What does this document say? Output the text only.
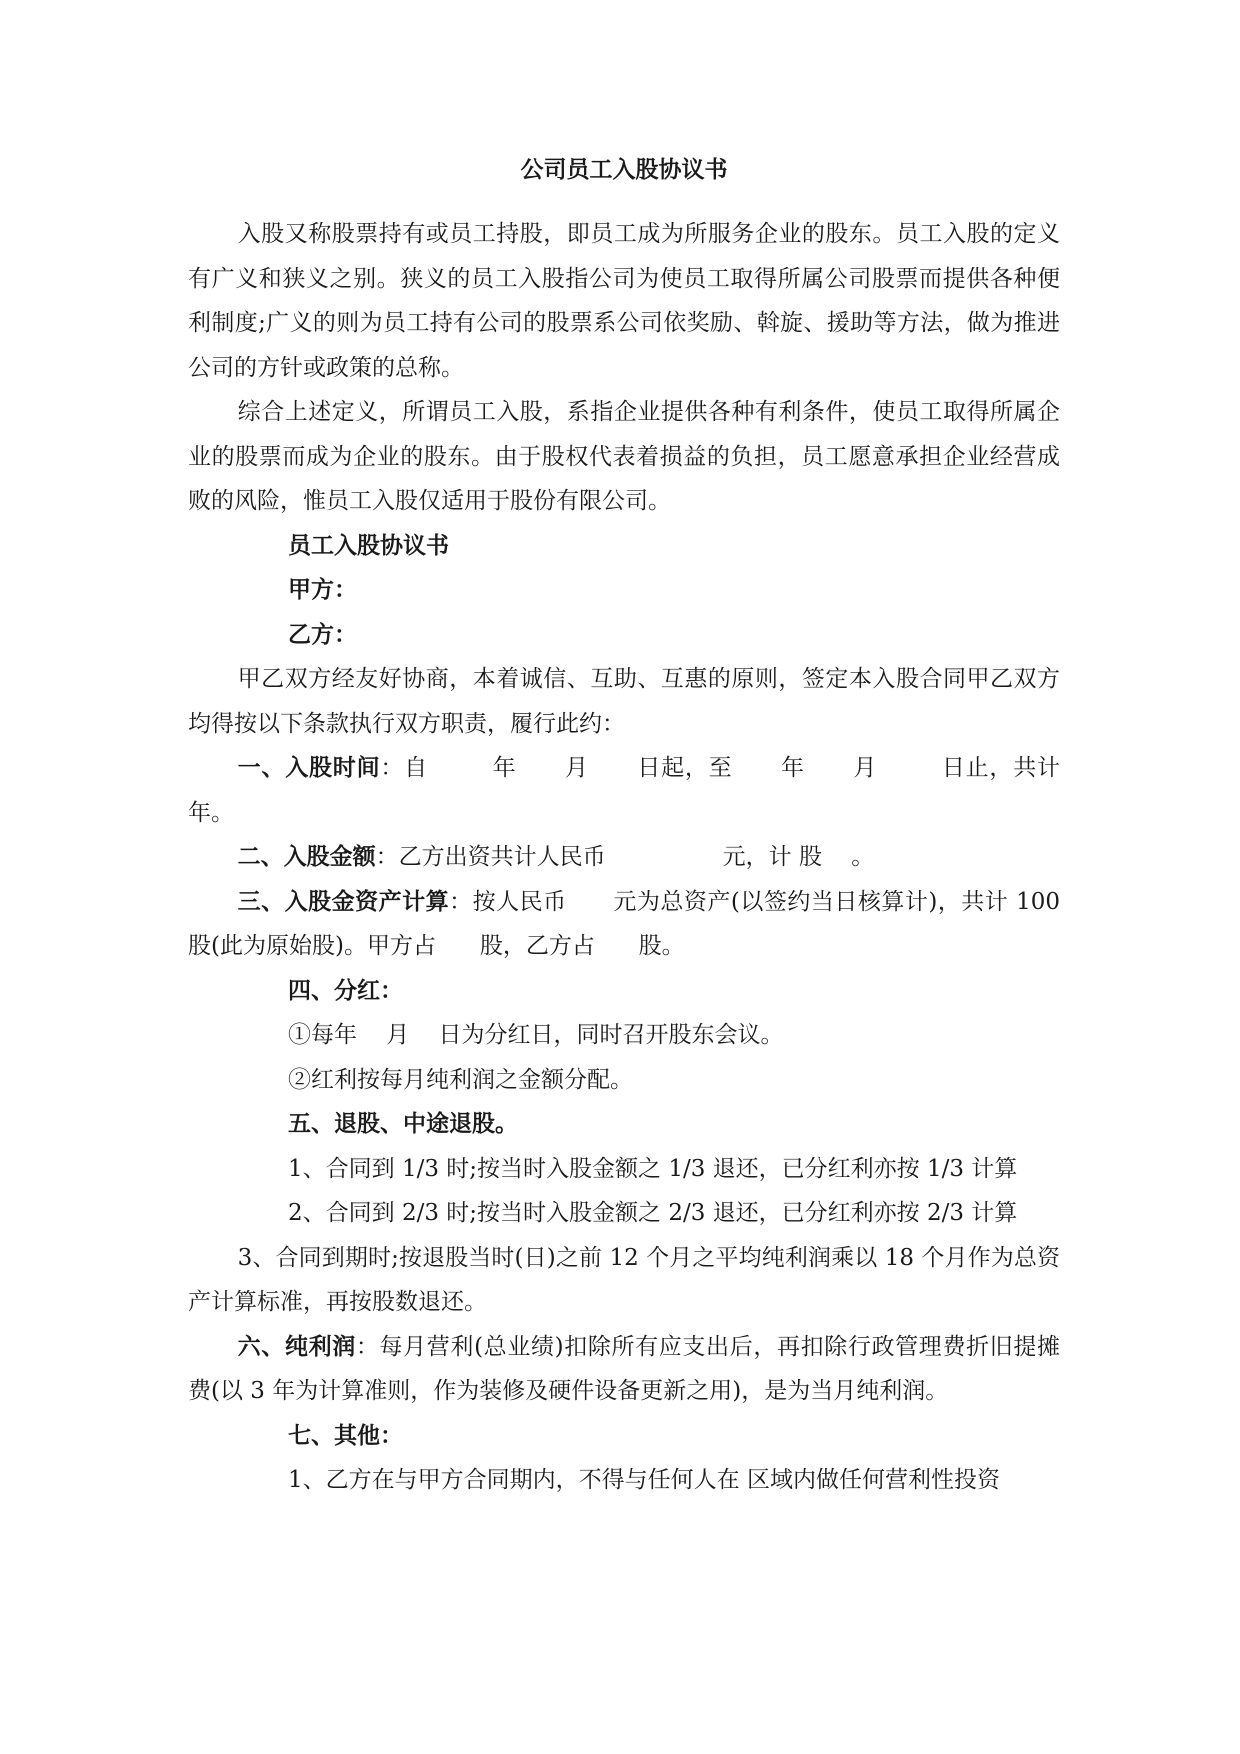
公司员工入股协议书

入股又称股票持有或员工持股，即员工成为所服务企业的股东。员工入股的定义有广义和狭义之别。狭义的员工入股指公司为使员工取得所属公司股票而提供各种便利制度;广义的则为员工持有公司的股票系公司依奖励、斡旋、援助等方法，做为推进公司的方针或政策的总称。

综合上述定义，所谓员工入股，系指企业提供各种有利条件，使员工取得所属企业的股票而成为企业的股东。由于股权代表着损益的负担，员工愿意承担企业经营成败的风险，惟员工入股仅适用于股份有限公司。

员工入股协议书

甲方：

乙方：

甲乙双方经友好协商，本着诚信、互助、互惠的原则，签定本入股合同甲乙双方均得按以下条款执行双方职责，履行此约：

一、入股时间：自        年      月      日起，至      年      月        日止，共计      年。

二、入股金额：乙方出资共计人民币                元，计 股    。

三、入股金资产计算：按人民币      元为总资产(以签约当日核算计)，共计 100 股(此为原始股)。甲方占      股，乙方占      股。

四、分红：

①每年    月    日为分红日，同时召开股东会议。

②红利按每月纯利润之金额分配。

五、退股、中途退股。

1、合同到 1/3 时;按当时入股金额之 1/3 退还，已分红利亦按 1/3 计算

2、合同到 2/3 时;按当时入股金额之 2/3 退还，已分红利亦按 2/3 计算

3、合同到期时;按退股当时(日)之前 12 个月之平均纯利润乘以 18 个月作为总资产计算标准，再按股数退还。

六、纯利润：每月营利(总业绩)扣除所有应支出后，再扣除行政管理费折旧提摊费(以 3 年为计算准则，作为装修及硬件设备更新之用)，是为当月纯利润。

七、其他：

1、乙方在与甲方合同期内，不得与任何人在 区域内做任何营利性投资
